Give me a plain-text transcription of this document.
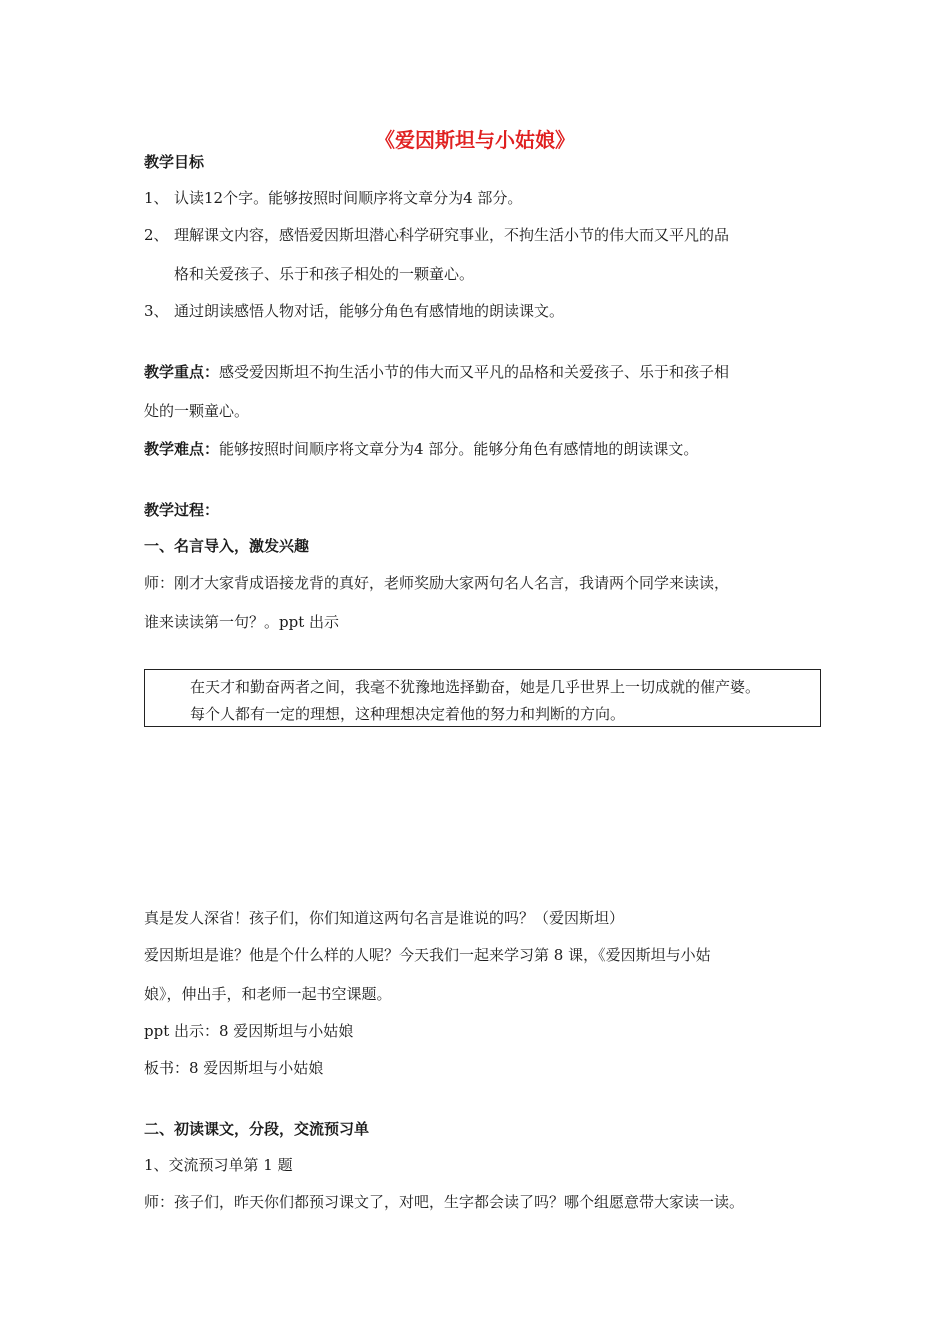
《爱因斯坦与小姑娘》
教学目标
1、 认读12个字。能够按照时间顺序将文章分为4 部分。
2、 理解课文内容，感悟爱因斯坦潜心科学研究事业，不拘生活小节的伟大而又平凡的品
格和关爱孩子、乐于和孩子相处的一颗童心。
3、 通过朗读感悟人物对话，能够分角色有感情地的朗读课文。
教学重点：感受爱因斯坦不拘生活小节的伟大而又平凡的品格和关爱孩子、乐于和孩子相
处的一颗童心。
教学难点：能够按照时间顺序将文章分为4 部分。能够分角色有感情地的朗读课文。
教学过程：
一、名言导入，激发兴趣
师：刚才大家背成语接龙背的真好，老师奖励大家两句名人名言，我请两个同学来读读，
谁来读读第一句？。ppt 出示
在天才和勤奋两者之间，我毫不犹豫地选择勤奋，她是几乎世界上一切成就的催产婆。
每个人都有一定的理想，这种理想决定着他的努力和判断的方向。
真是发人深省！孩子们，你们知道这两句名言是谁说的吗？（爱因斯坦）
爱因斯坦是谁？他是个什么样的人呢？今天我们一起来学习第 8 课，《爱因斯坦与小姑
娘》，伸出手，和老师一起书空课题。
ppt 出示：8 爱因斯坦与小姑娘
板书：8 爱因斯坦与小姑娘
二、初读课文，分段，交流预习单
1、交流预习单第 1 题
师：孩子们，昨天你们都预习课文了，对吧，生字都会读了吗？哪个组愿意带大家读一读。
